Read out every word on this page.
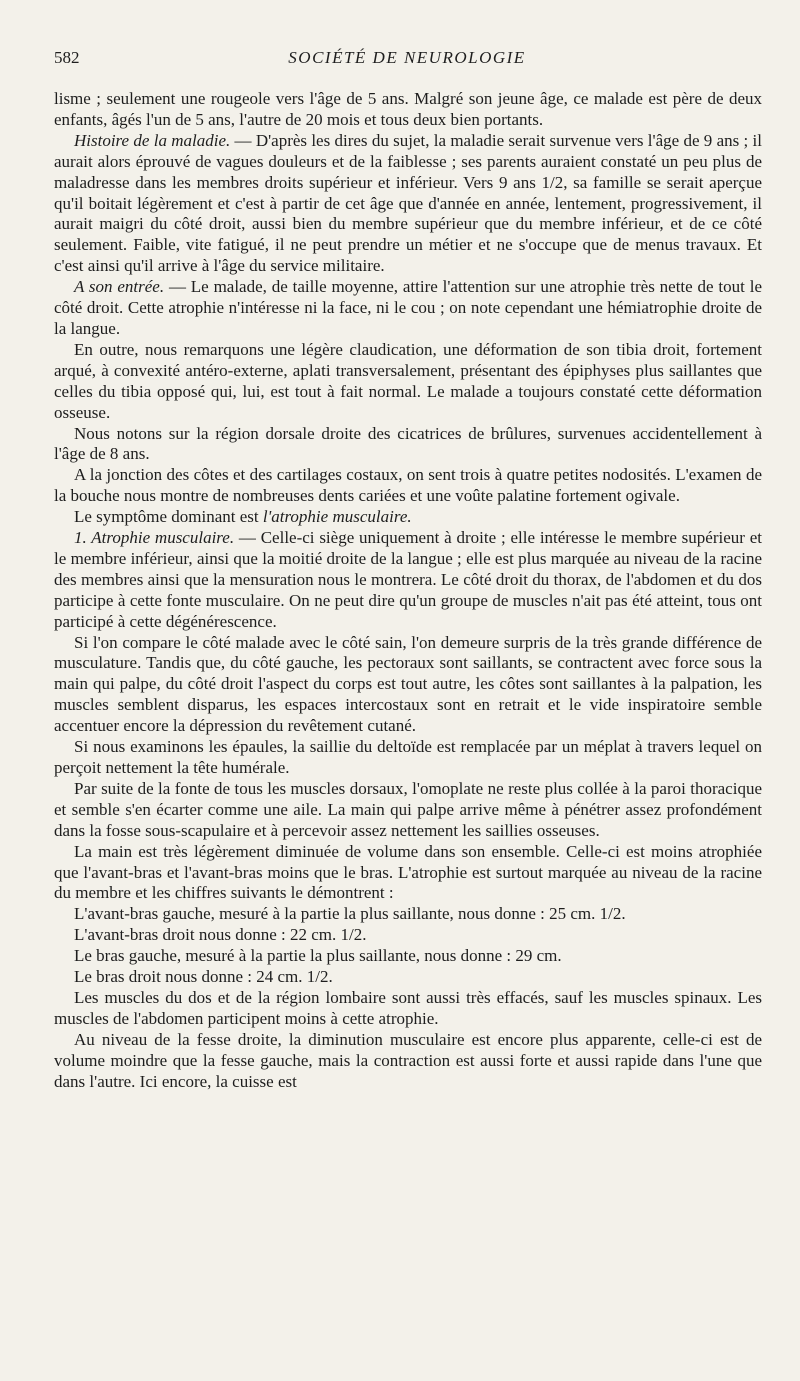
582	SOCIÉTÉ DE NEUROLOGIE

lisme ; seulement une rougeole vers l'âge de 5 ans. Malgré son jeune âge, ce malade est père de deux enfants, âgés l'un de 5 ans, l'autre de 20 mois et tous deux bien portants.

Histoire de la maladie. — D'après les dires du sujet, la maladie serait survenue vers l'âge de 9 ans ; il aurait alors éprouvé de vagues douleurs et de la faiblesse ; ses parents auraient constaté un peu plus de maladresse dans les membres droits supérieur et inférieur. Vers 9 ans 1/2, sa famille se serait aperçue qu'il boitait légèrement et c'est à partir de cet âge que d'année en année, lentement, progressivement, il aurait maigri du côté droit, aussi bien du membre supérieur que du membre inférieur, et de ce côté seulement. Faible, vite fatigué, il ne peut prendre un métier et ne s'occupe que de menus travaux. Et c'est ainsi qu'il arrive à l'âge du service militaire.

A son entrée. — Le malade, de taille moyenne, attire l'attention sur une atrophie très nette de tout le côté droit. Cette atrophie n'intéresse ni la face, ni le cou ; on note cependant une hémiatrophie droite de la langue.

En outre, nous remarquons une légère claudication, une déformation de son tibia droit, fortement arqué, à convexité antéro-externe, aplati transversalement, présentant des épiphyses plus saillantes que celles du tibia opposé qui, lui, est tout à fait normal. Le malade a toujours constaté cette déformation osseuse.

Nous notons sur la région dorsale droite des cicatrices de brûlures, survenues accidentellement à l'âge de 8 ans.

A la jonction des côtes et des cartilages costaux, on sent trois à quatre petites nodosités. L'examen de la bouche nous montre de nombreuses dents cariées et une voûte palatine fortement ogivale.

Le symptôme dominant est l'atrophie musculaire.

1. Atrophie musculaire. — Celle-ci siège uniquement à droite ; elle intéresse le membre supérieur et le membre inférieur, ainsi que la moitié droite de la langue ; elle est plus marquée au niveau de la racine des membres ainsi que la mensuration nous le montrera. Le côté droit du thorax, de l'abdomen et du dos participe à cette fonte musculaire. On ne peut dire qu'un groupe de muscles n'ait pas été atteint, tous ont participé à cette dégénérescence.

Si l'on compare le côté malade avec le côté sain, l'on demeure surpris de la très grande différence de musculature. Tandis que, du côté gauche, les pectoraux sont saillants, se contractent avec force sous la main qui palpe, du côté droit l'aspect du corps est tout autre, les côtes sont saillantes à la palpation, les muscles semblent disparus, les espaces intercostaux sont en retrait et le vide inspiratoire semble accentuer encore la dépression du revêtement cutané.

Si nous examinons les épaules, la saillie du deltoïde est remplacée par un méplat à travers lequel on perçoit nettement la tête humérale.

Par suite de la fonte de tous les muscles dorsaux, l'omoplate ne reste plus collée à la paroi thoracique et semble s'en écarter comme une aile. La main qui palpe arrive même à pénétrer assez profondément dans la fosse sous-scapulaire et à percevoir assez nettement les saillies osseuses.

La main est très légèrement diminuée de volume dans son ensemble. Celle-ci est moins atrophiée que l'avant-bras et l'avant-bras moins que le bras. L'atrophie est surtout marquée au niveau de la racine du membre et les chiffres suivants le démontrent :

L'avant-bras gauche, mesuré à la partie la plus saillante, nous donne : 25 cm. 1/2.

L'avant-bras droit nous donne : 22 cm. 1/2.

Le bras gauche, mesuré à la partie la plus saillante, nous donne : 29 cm.

Le bras droit nous donne : 24 cm. 1/2.

Les muscles du dos et de la région lombaire sont aussi très effacés, sauf les muscles spinaux. Les muscles de l'abdomen participent moins à cette atrophie.

Au niveau de la fesse droite, la diminution musculaire est encore plus apparente, celle-ci est de volume moindre que la fesse gauche, mais la contraction est aussi forte et aussi rapide dans l'une que dans l'autre. Ici encore, la cuisse est
